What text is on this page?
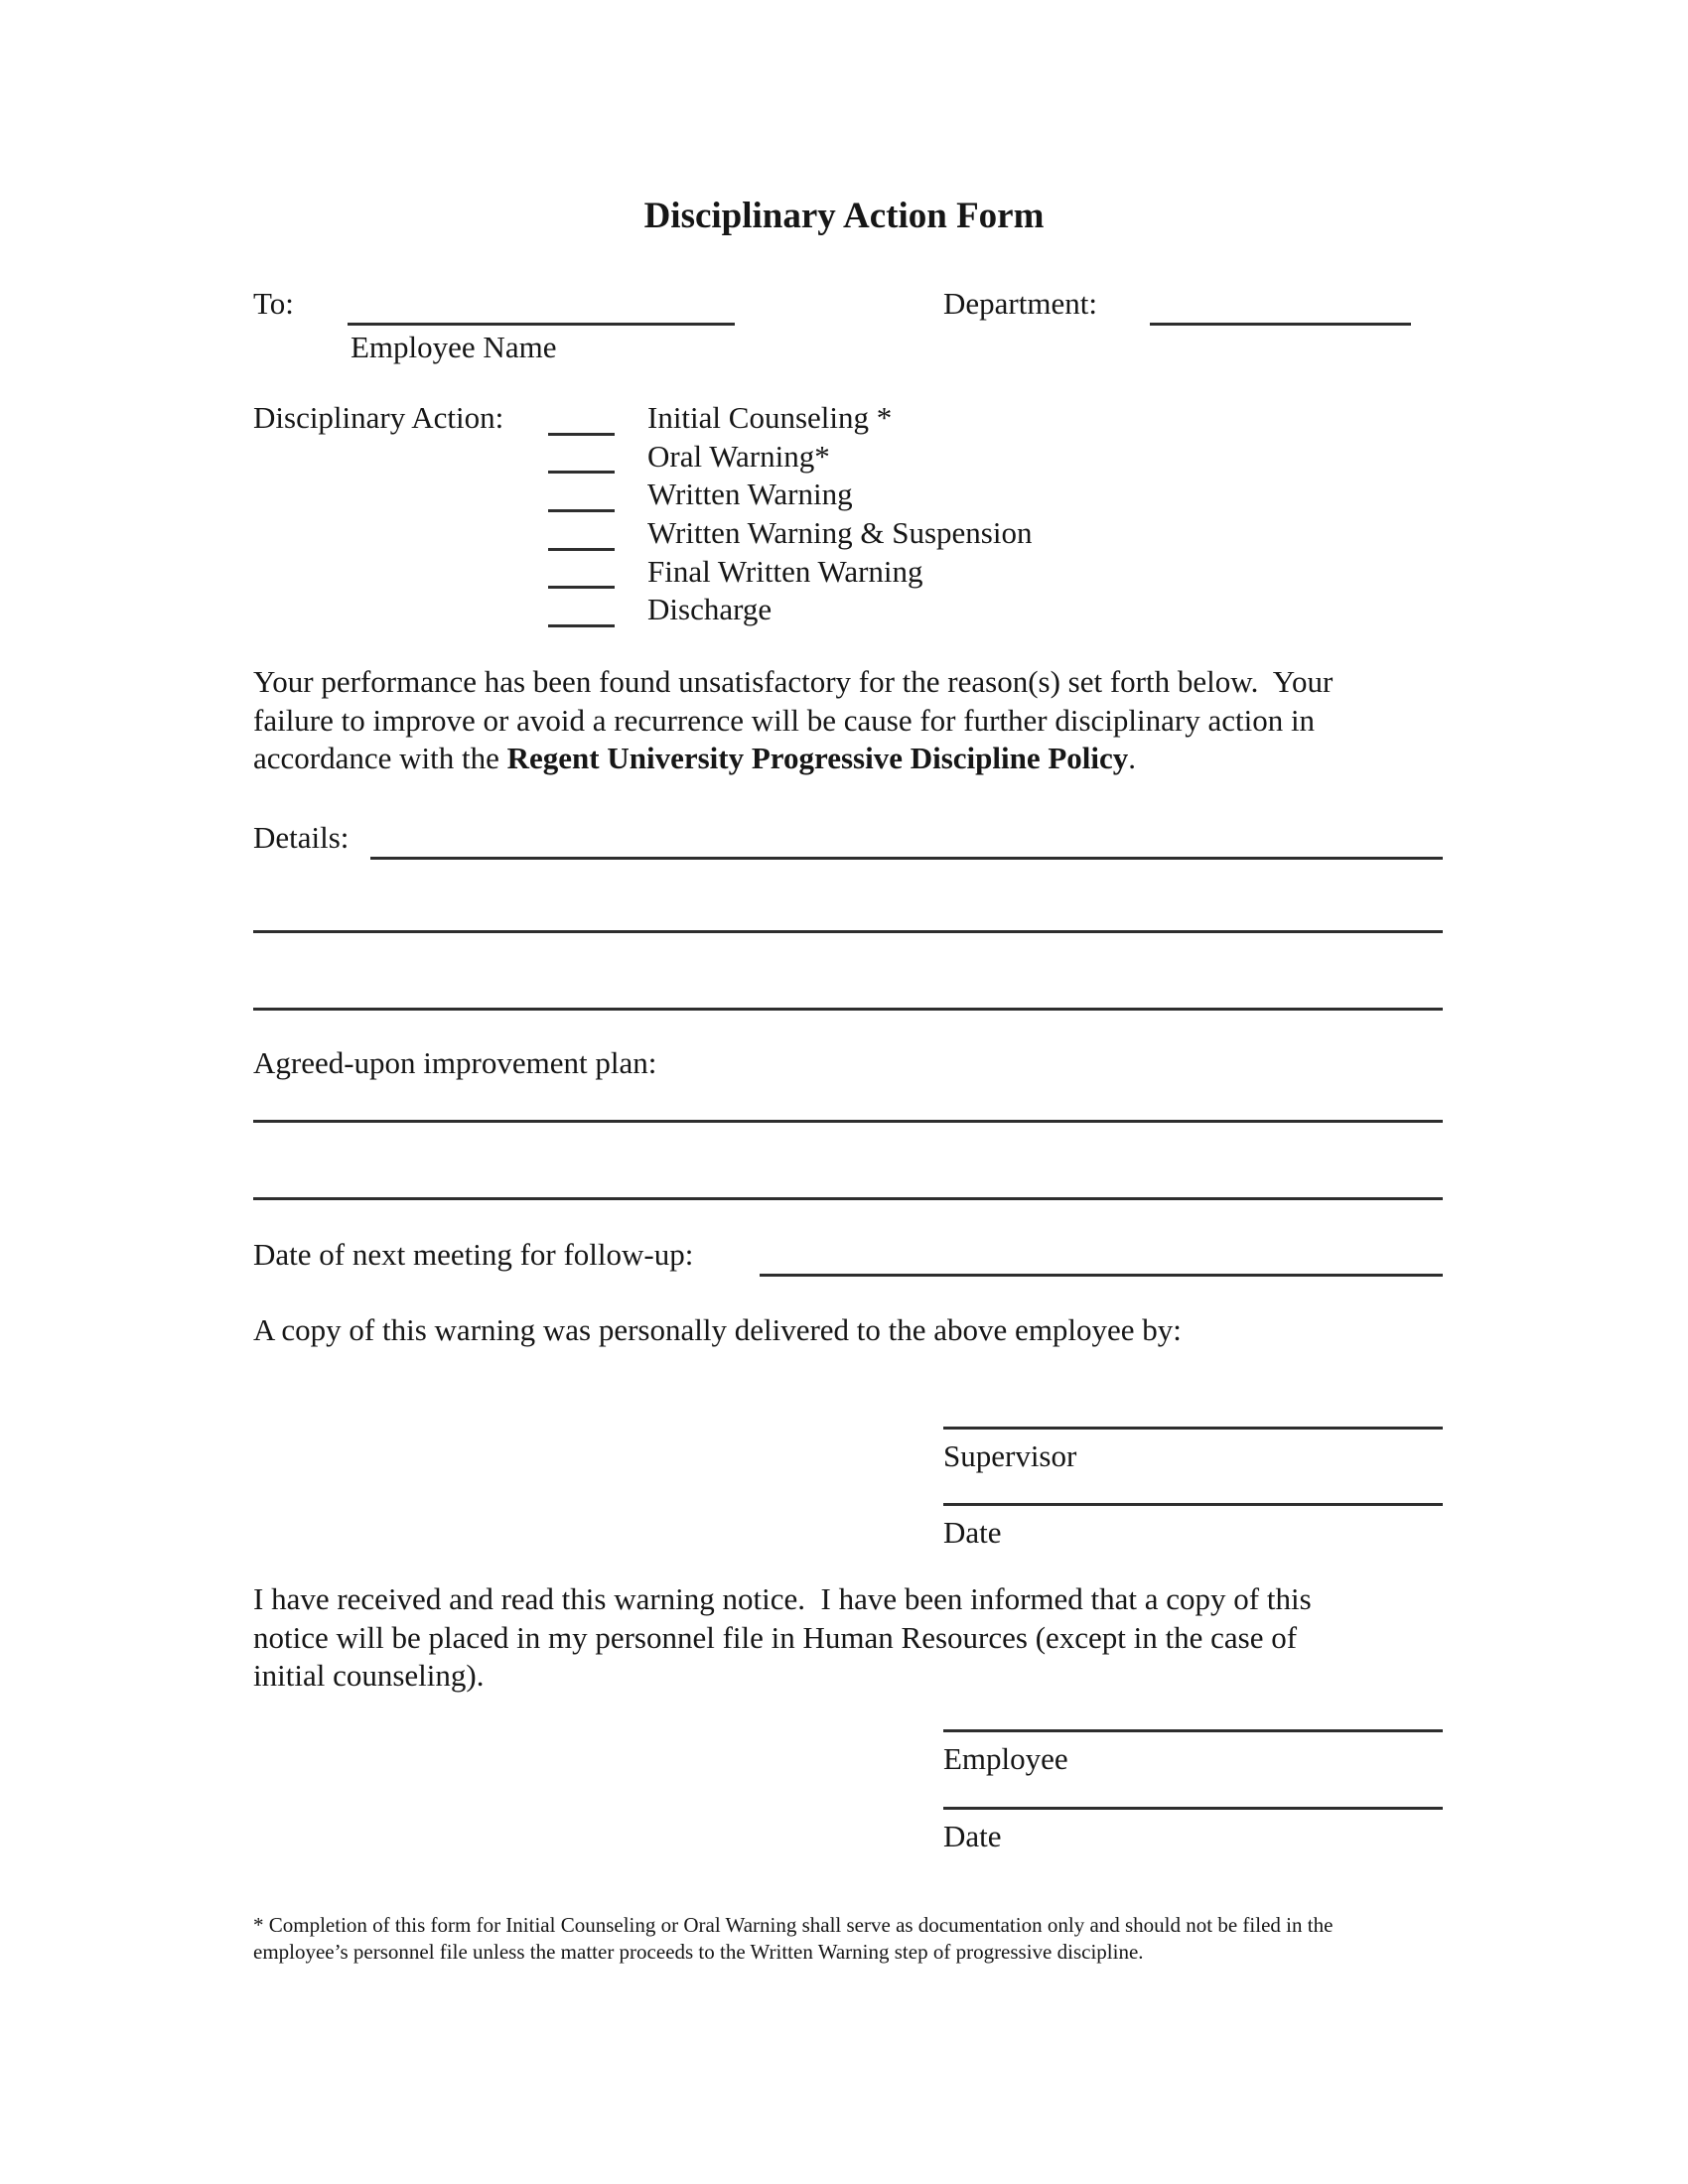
Disciplinary Action Form
To:	Department:
Employee Name
Disciplinary Action:	Initial Counseling *
Oral Warning*
Written Warning
Written Warning & Suspension
Final Written Warning
Discharge
Your performance has been found unsatisfactory for the reason(s) set forth below.  Your
failure to improve or avoid a recurrence will be cause for further disciplinary action in
accordance with the Regent University Progressive Discipline Policy.
Details:
Agreed-upon improvement plan:
Date of next meeting for follow-up:
A copy of this warning was personally delivered to the above employee by:
Supervisor
Date
I have received and read this warning notice.  I have been informed that a copy of this
notice will be placed in my personnel file in Human Resources (except in the case of
initial counseling).
Employee
Date
* Completion of this form for Initial Counseling or Oral Warning shall serve as documentation only and should not be filed in the
employee’s personnel file unless the matter proceeds to the Written Warning step of progressive discipline.
